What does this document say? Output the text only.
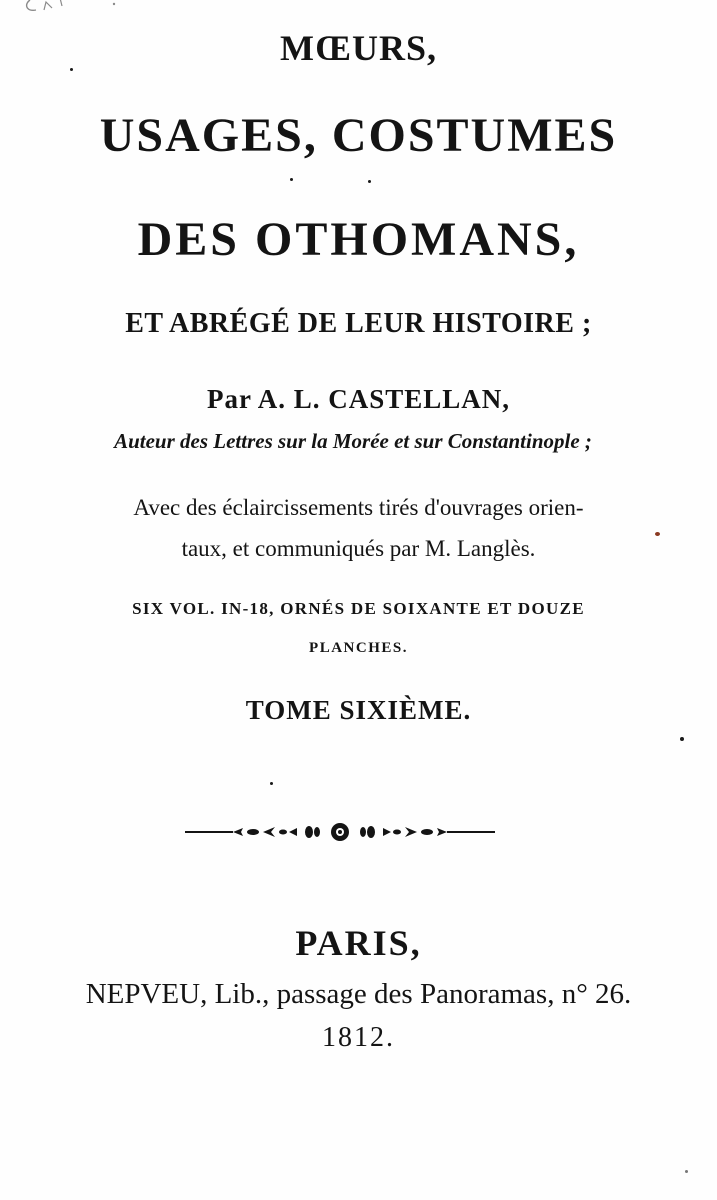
MŒURS,
USAGES, COSTUMES
DES OTHOMANS,
ET ABRÉGÉ DE LEUR HISTOIRE ;
Par A. L. CASTELLAN,
Auteur des Lettres sur la Morée et sur Constantinople ;
Avec des éclaircissements tirés d'ouvrages orien-
taux, et communiqués par M. Langlès.
SIX VOL. IN-18, ORNÉS DE SOIXANTE ET DOUZE
PLANCHES.
TOME SIXIÈME.
PARIS,
NEPVEU, Lib., passage des Panoramas, n° 26.
1812.
